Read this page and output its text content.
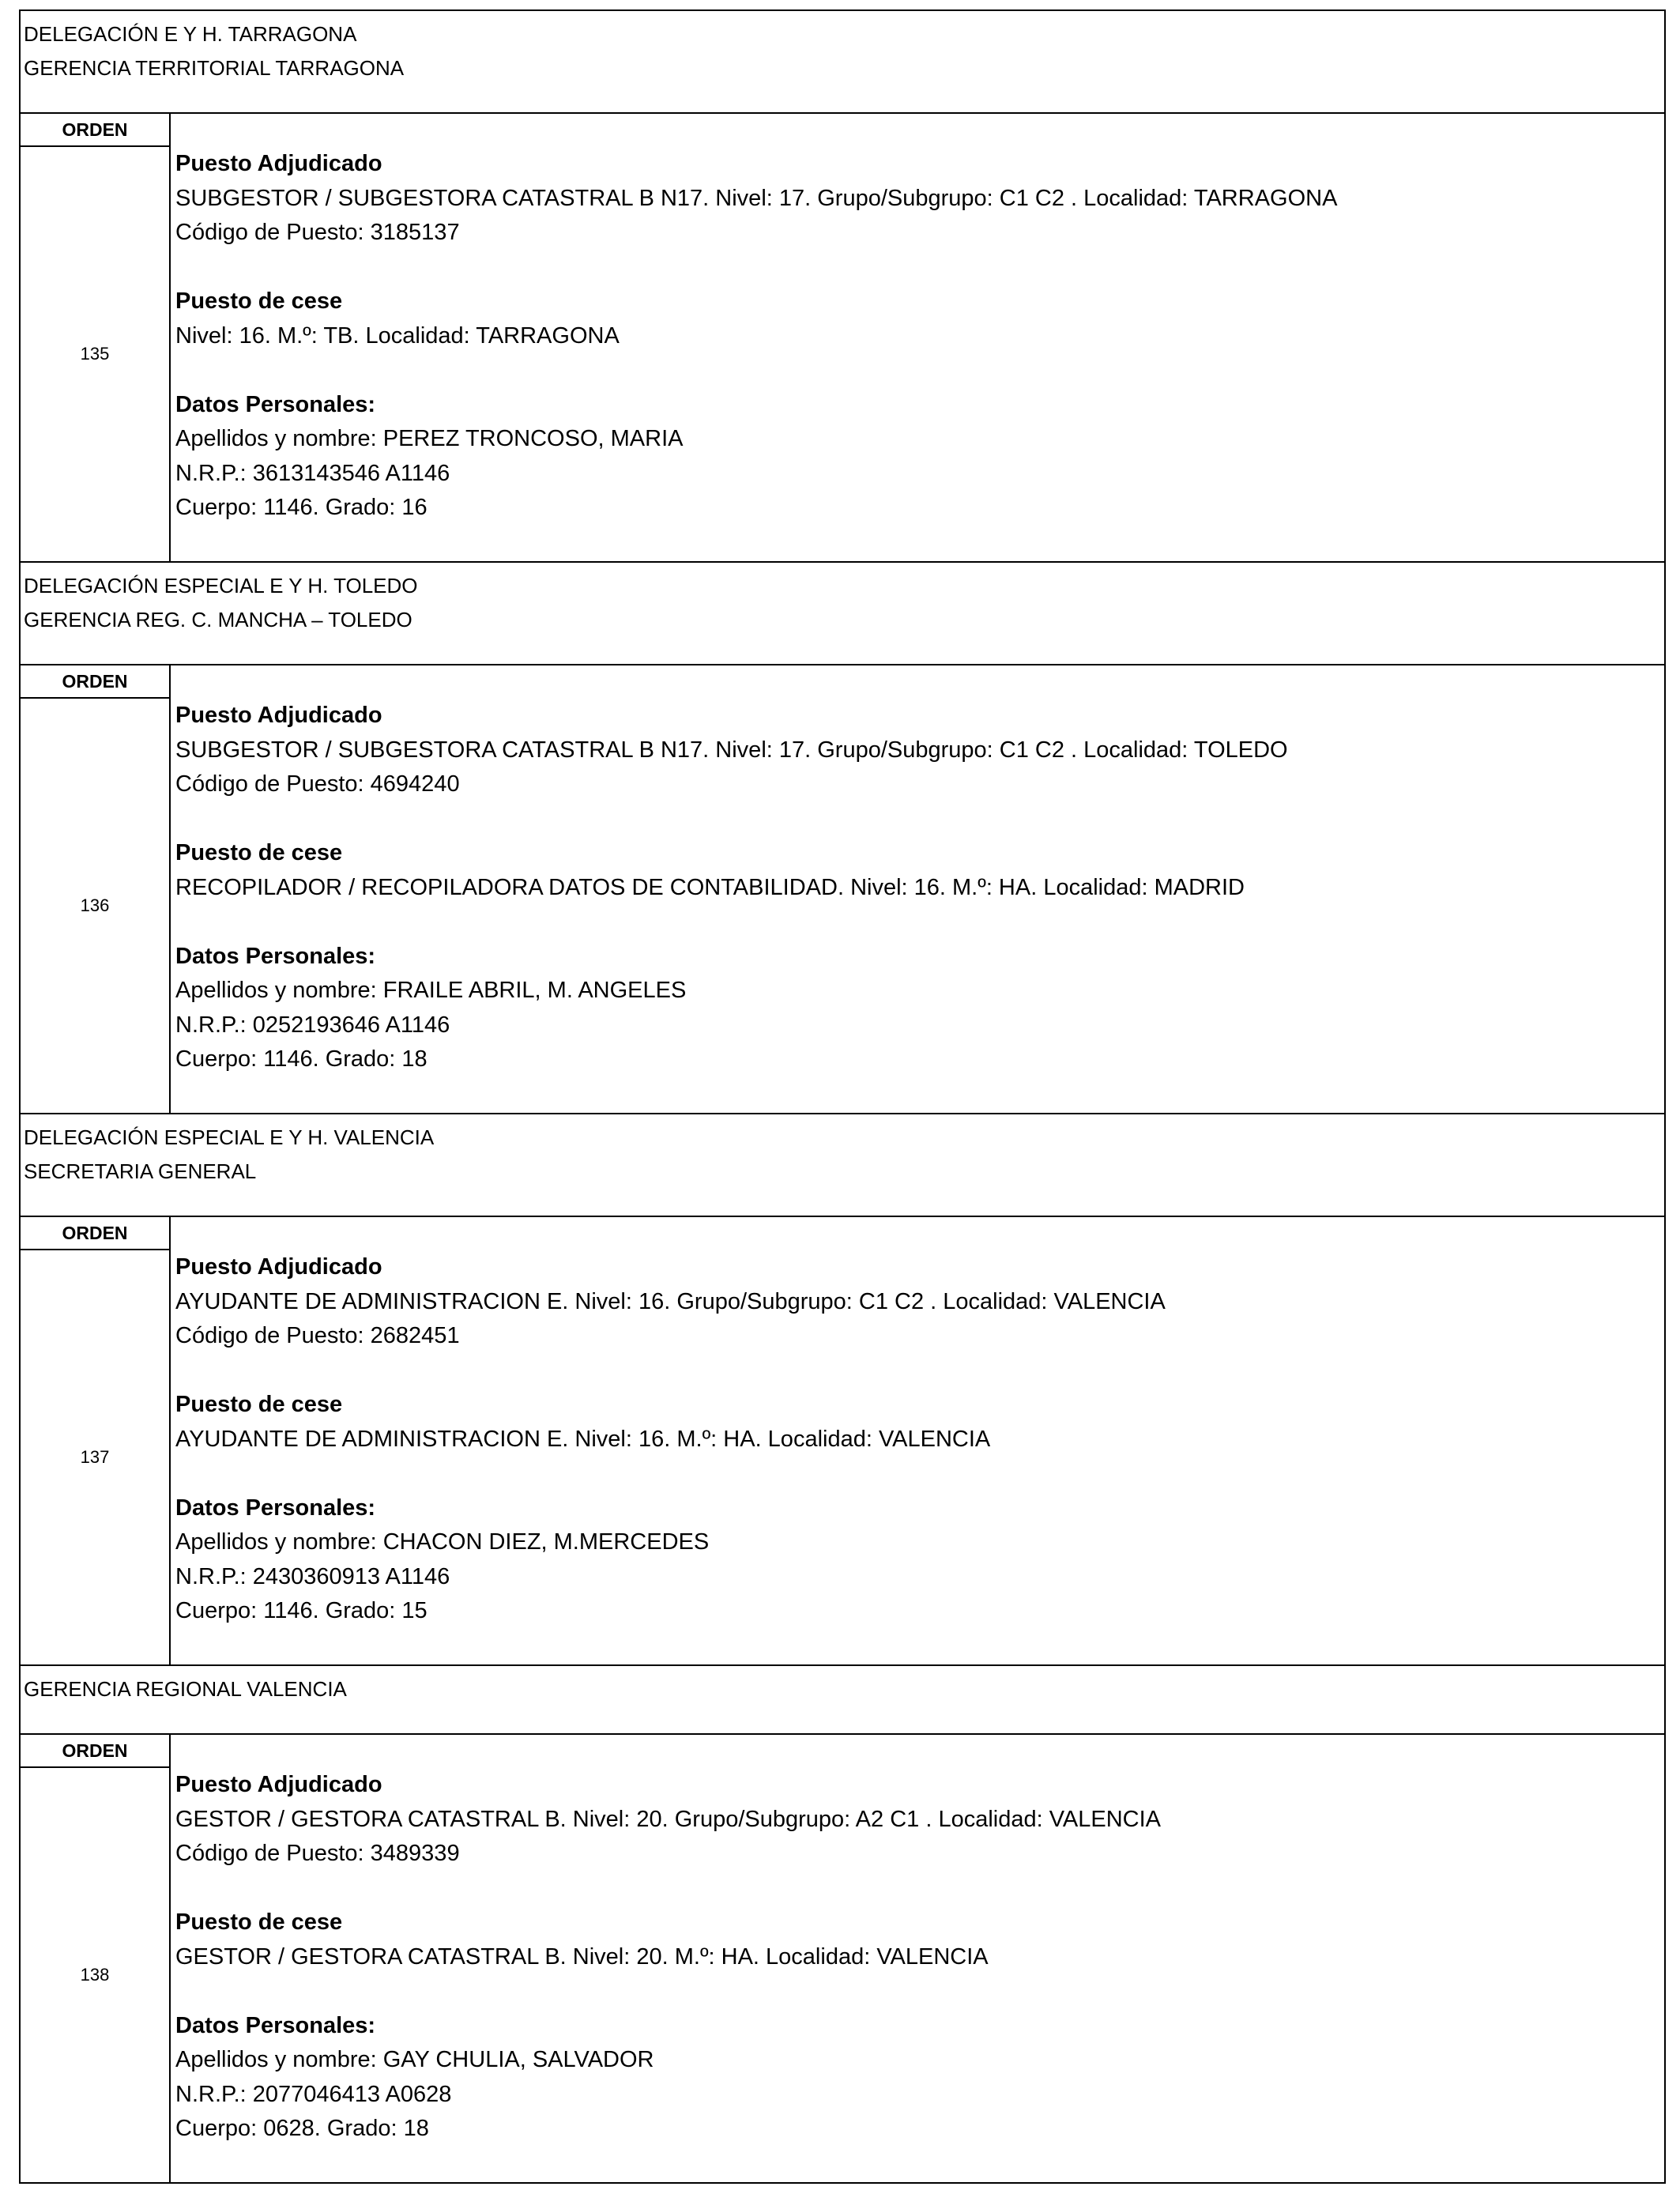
DELEGACIÓN E Y H. TARRAGONA
GERENCIA TERRITORIAL TARRAGONA
ORDEN
135
Puesto Adjudicado
SUBGESTOR / SUBGESTORA CATASTRAL B N17. Nivel: 17. Grupo/Subgrupo: C1 C2 . Localidad: TARRAGONA
Código de Puesto: 3185137
Puesto de cese
Nivel: 16. M.º: TB. Localidad: TARRAGONA
Datos Personales:
Apellidos y nombre: PEREZ TRONCOSO, MARIA
N.R.P.: 3613143546 A1146
Cuerpo: 1146. Grado: 16
DELEGACIÓN ESPECIAL E Y H. TOLEDO
GERENCIA REG. C. MANCHA – TOLEDO
ORDEN
136
Puesto Adjudicado
SUBGESTOR / SUBGESTORA CATASTRAL B N17. Nivel: 17. Grupo/Subgrupo: C1 C2 . Localidad: TOLEDO
Código de Puesto: 4694240
Puesto de cese
RECOPILADOR / RECOPILADORA DATOS DE CONTABILIDAD. Nivel: 16. M.º: HA. Localidad: MADRID
Datos Personales:
Apellidos y nombre: FRAILE ABRIL, M. ANGELES
N.R.P.: 0252193646 A1146
Cuerpo: 1146. Grado: 18
DELEGACIÓN ESPECIAL E Y H. VALENCIA
SECRETARIA GENERAL
ORDEN
137
Puesto Adjudicado
AYUDANTE DE ADMINISTRACION E. Nivel: 16. Grupo/Subgrupo: C1 C2 . Localidad: VALENCIA
Código de Puesto: 2682451
Puesto de cese
AYUDANTE DE ADMINISTRACION E. Nivel: 16. M.º: HA. Localidad: VALENCIA
Datos Personales:
Apellidos y nombre: CHACON DIEZ, M.MERCEDES
N.R.P.: 2430360913 A1146
Cuerpo: 1146. Grado: 15
GERENCIA REGIONAL VALENCIA
ORDEN
138
Puesto Adjudicado
GESTOR / GESTORA CATASTRAL B. Nivel: 20. Grupo/Subgrupo: A2 C1 . Localidad: VALENCIA
Código de Puesto: 3489339
Puesto de cese
GESTOR / GESTORA CATASTRAL B. Nivel: 20. M.º: HA. Localidad: VALENCIA
Datos Personales:
Apellidos y nombre: GAY CHULIA, SALVADOR
N.R.P.: 2077046413 A0628
Cuerpo: 0628. Grado: 18
